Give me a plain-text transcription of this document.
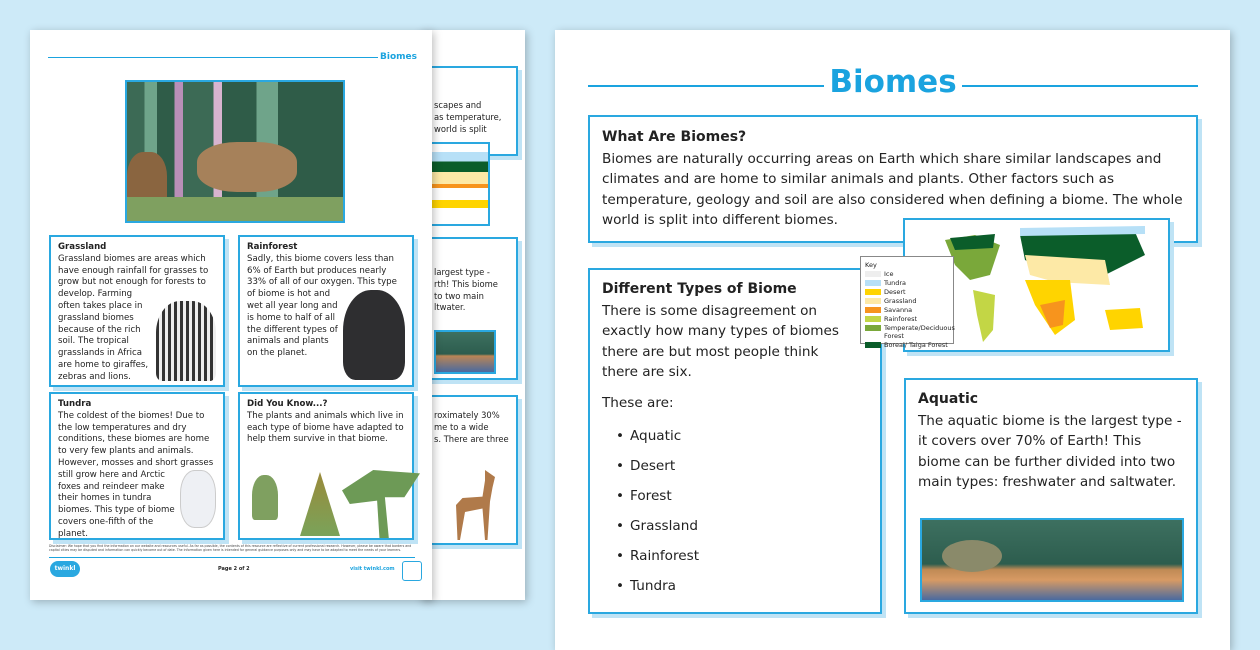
Biomes
Grassland
Grassland biomes are areas which have enough rainfall for grasses to grow but not enough for forests to develop. Farming often takes place in grassland biomes because of the rich soil. The tropical grasslands in Africa are home to giraffes, zebras and lions.
Rainforest
Sadly, this biome covers less than 6% of Earth but produces nearly 33% of all of our oxygen. This type of biome is hot and wet all year long and is home to half of all the different types of animals and plants on the planet.
Tundra
The coldest of the biomes! Due to the low temperatures and dry conditions, these biomes are home to very few plants and animals. However, mosses and short grasses still grow here and Arctic foxes and reindeer make their homes in tundra biomes. This type of biome covers one-fifth of the planet.
Did You Know...?
The plants and animals which live in each type of biome have adapted to help them survive in that biome.
Disclaimer: We hope that you find the information on our website and resources useful. As far as possible, the contents of this resource are reflective of current professional research. However, please be aware that borders and capital cities may be disputed and information can quickly become out of date. The information given here is intended for general guidance purposes only and may have to be adapted to meet the needs of your learners.
twinkl	Page 2 of 2	visit twinkl.com
scapes and
as temperature,
world is split
largest type -
rth! This biome
to two main
ltwater.
roximately 30%
me to a wide
s. There are three
Biomes
What Are Biomes?
Biomes are naturally occurring areas on Earth which share similar landscapes and climates and are home to similar animals and plants. Other factors such as temperature, geology and soil are also considered when defining a biome. The whole world is split into different biomes.
Different Types of Biome

There is some disagreement on exactly how many types of biomes there are but most people think there are six.

These are:

• Aquatic
• Desert
• Forest
• Grassland
• Rainforest
• Tundra
Key
Ice
Tundra
Desert
Grassland
Savanna
Rainforest
Temperate/Deciduous Forest
Boreal/ Taiga Forest
Aquatic

The aquatic biome is the largest type - it covers over 70% of Earth! This biome can be further divided into two main types: freshwater and saltwater.
